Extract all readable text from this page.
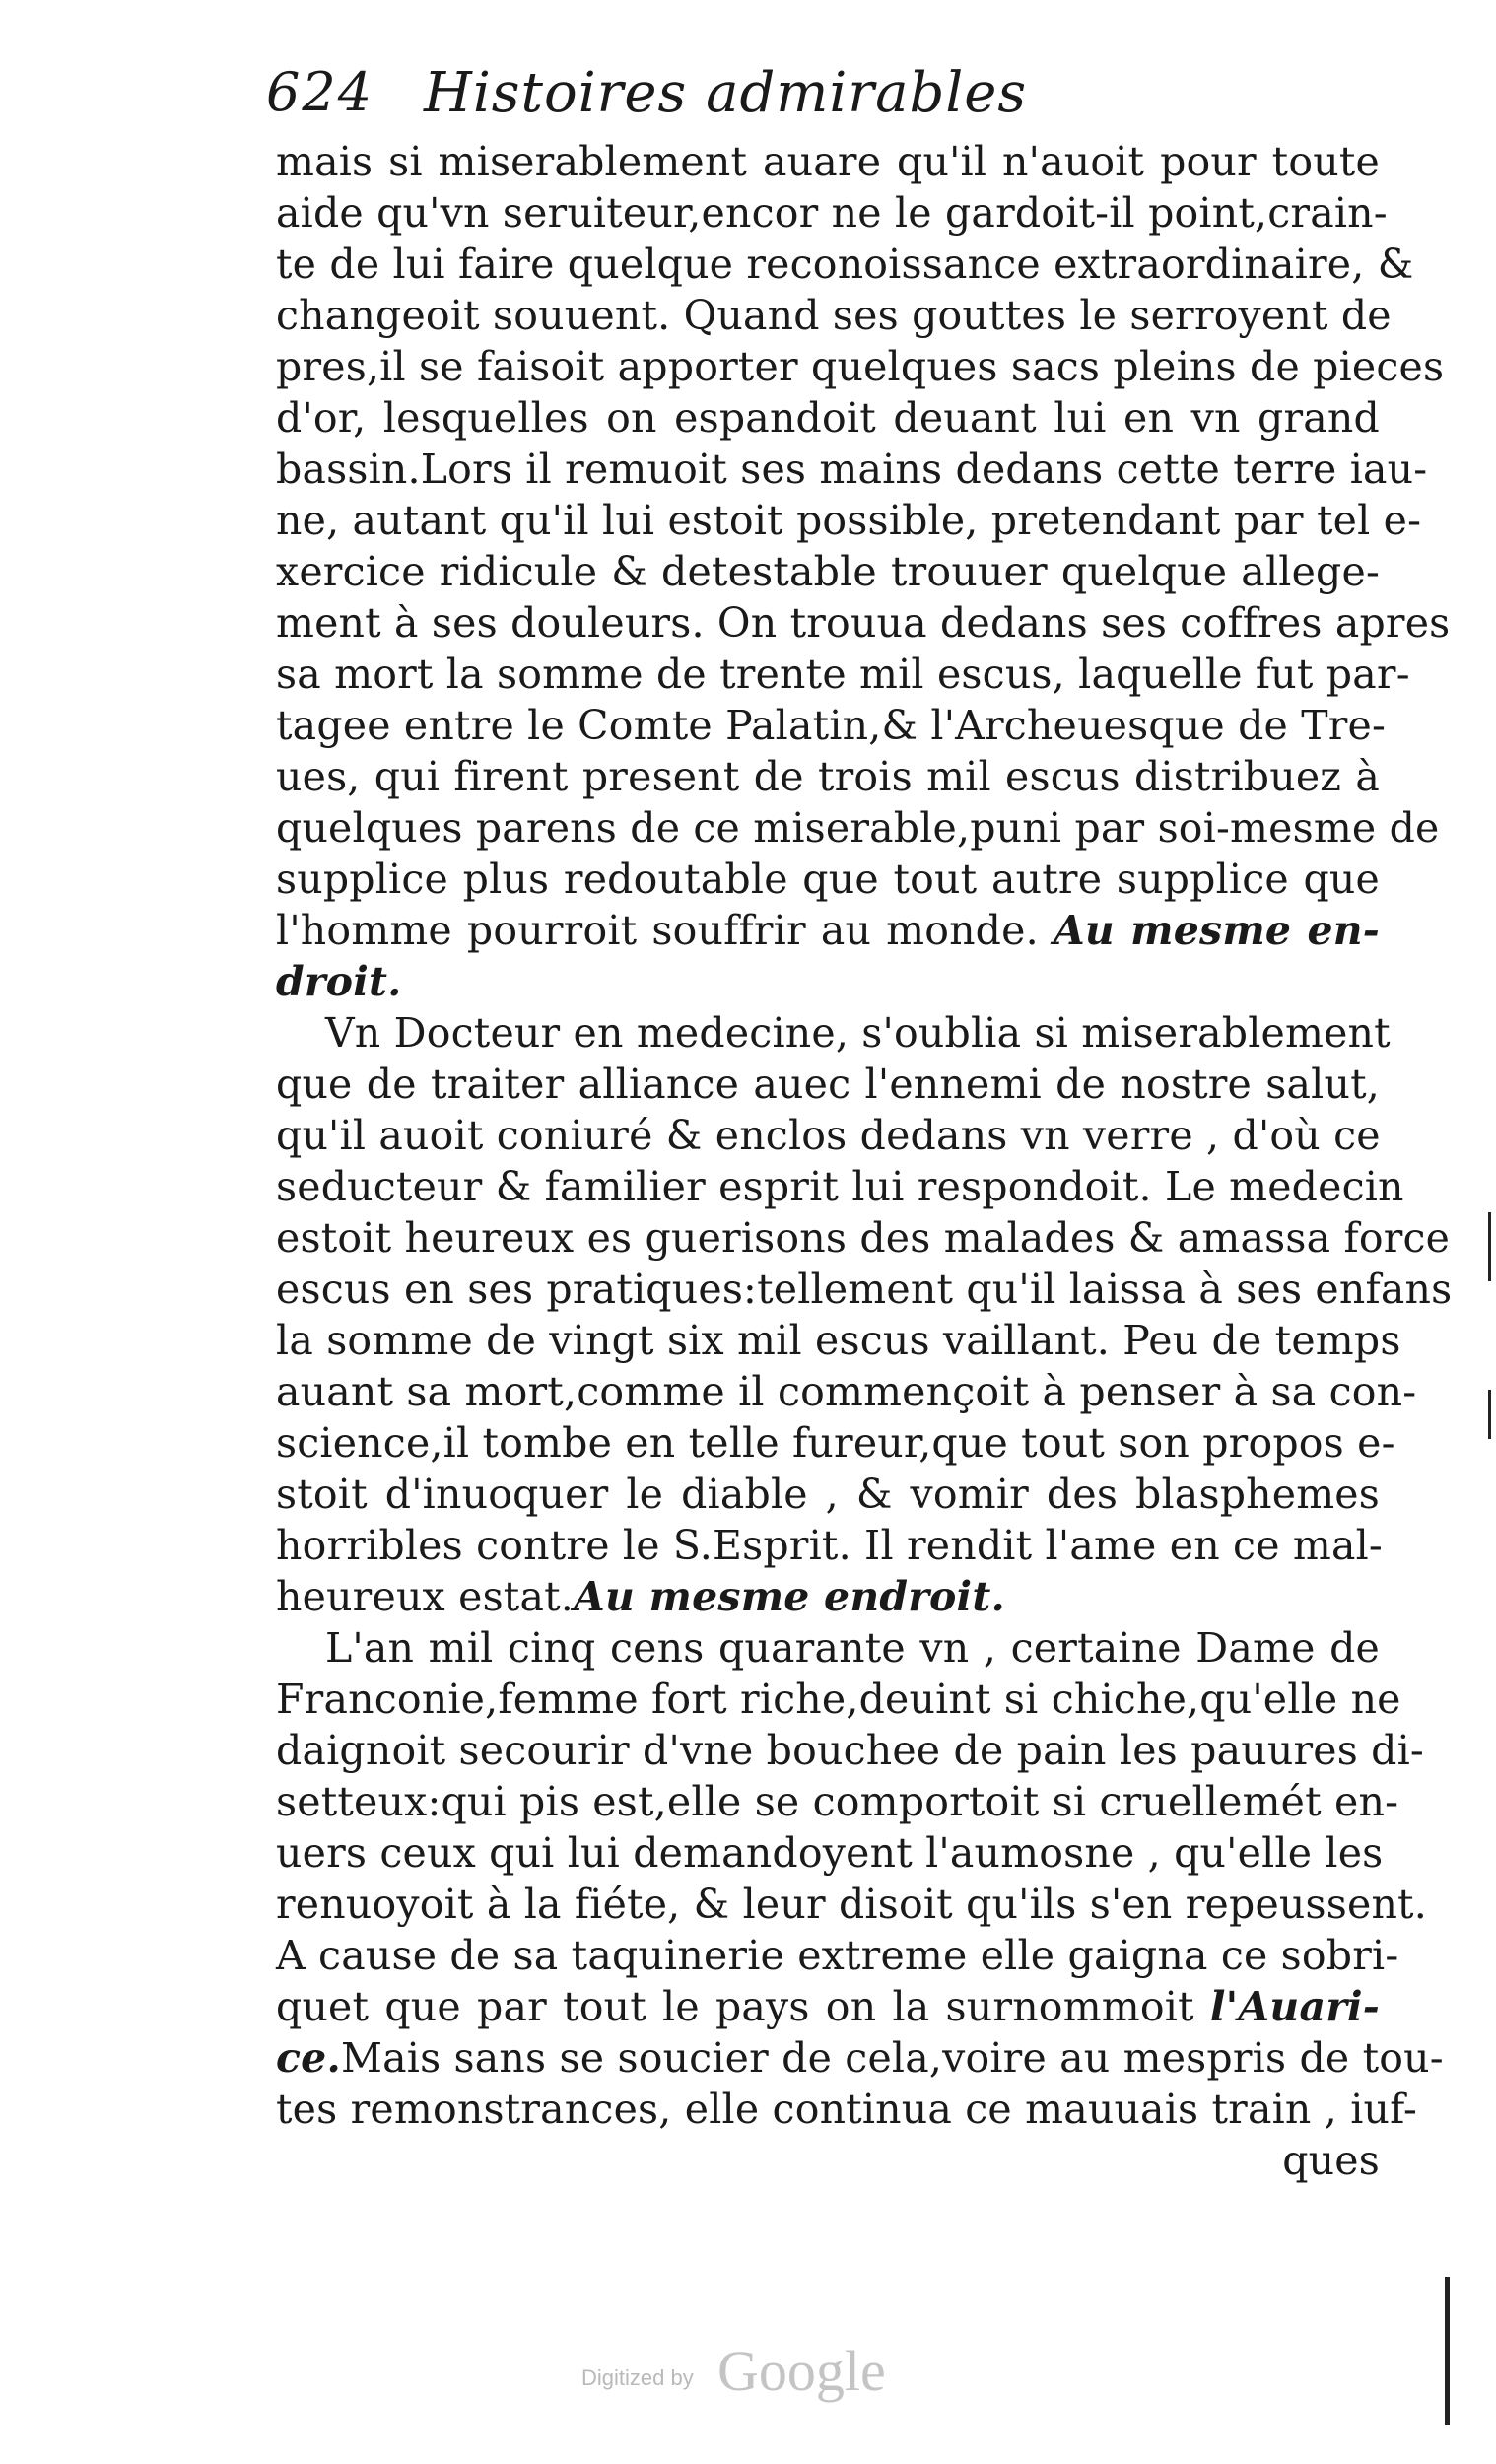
624 Histoires admirables
mais si miserablement auare qu'il n'auoit pour toute
aide qu'vn seruiteur,encor ne le gardoit-il point,crain-
te de lui faire quelque reconoissance extraordinaire, &
changeoit souuent. Quand ses gouttes le serroyent de
pres,il se faisoit apporter quelques sacs pleins de pieces
d'or, lesquelles on espandoit deuant lui en vn grand
bassin.Lors il remuoit ses mains dedans cette terre iau-
ne, autant qu'il lui estoit possible, pretendant par tel e-
xercice ridicule & detestable trouuer quelque allege-
ment à ses douleurs. On trouua dedans ses coffres apres
sa mort la somme de trente mil escus, laquelle fut par-
tagee entre le Comte Palatin,& l'Archeuesque de Tre-
ues, qui firent present de trois mil escus distribuez à
quelques parens de ce miserable,puni par soi-mesme de
supplice plus redoutable que tout autre supplice que
l'homme pourroit souffrir au monde. Au mesme en-
droit.
Vn Docteur en medecine, s'oublia si miserablement
que de traiter alliance auec l'ennemi de nostre salut,
qu'il auoit coniuré & enclos dedans vn verre , d'où ce
seducteur & familier esprit lui respondoit. Le medecin
estoit heureux es guerisons des malades & amassa force
escus en ses pratiques:tellement qu'il laissa à ses enfans
la somme de vingt six mil escus vaillant. Peu de temps
auant sa mort,comme il commençoit à penser à sa con-
science,il tombe en telle fureur,que tout son propos e-
stoit d'inuoquer le diable , & vomir des blasphemes
horribles contre le S.Esprit. Il rendit l'ame en ce mal-
heureux estat.Au mesme endroit.
L'an mil cinq cens quarante vn , certaine Dame de
Franconie,femme fort riche,deuint si chiche,qu'elle ne
daignoit secourir d'vne bouchee de pain les pauures di-
setteux:qui pis est,elle se comportoit si cruellemét en-
uers ceux qui lui demandoyent l'aumosne , qu'elle les
renuoyoit à la fiéte, & leur disoit qu'ils s'en repeussent.
A cause de sa taquinerie extreme elle gaigna ce sobri-
quet que par tout le pays on la surnommoit l'Auari-
ce.Mais sans se soucier de cela,voire au mespris de tou-
tes remonstrances, elle continua ce mauuais train , iuf-
ques
Digitized by Google
